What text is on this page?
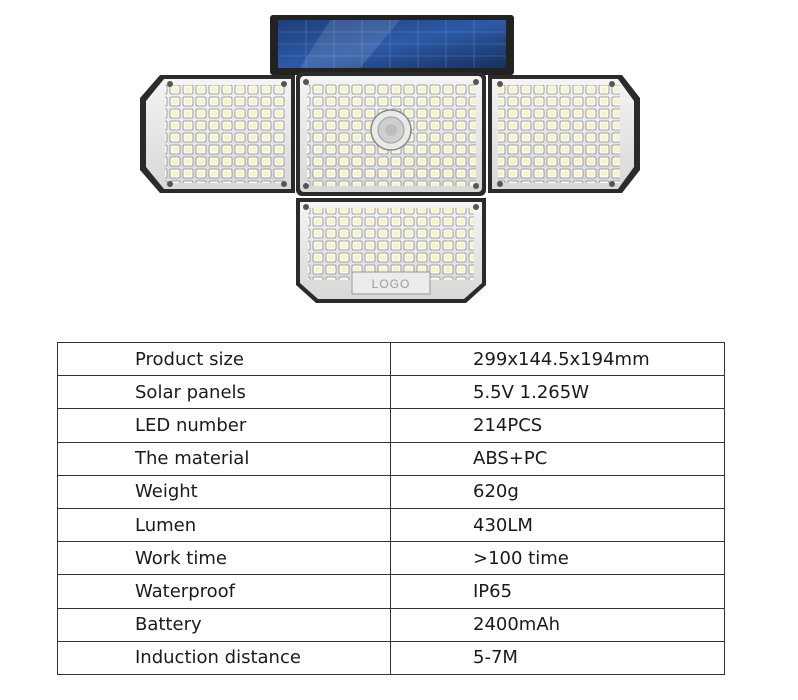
LOGO
Product size	299x144.5x194mm
Solar panels	5.5V 1.265W
LED number	214PCS
The material	ABS+PC
Weight	620g
Lumen	430LM
Work time	>100 time
Waterproof	IP65
Battery	2400mAh
Induction distance	5-7M
